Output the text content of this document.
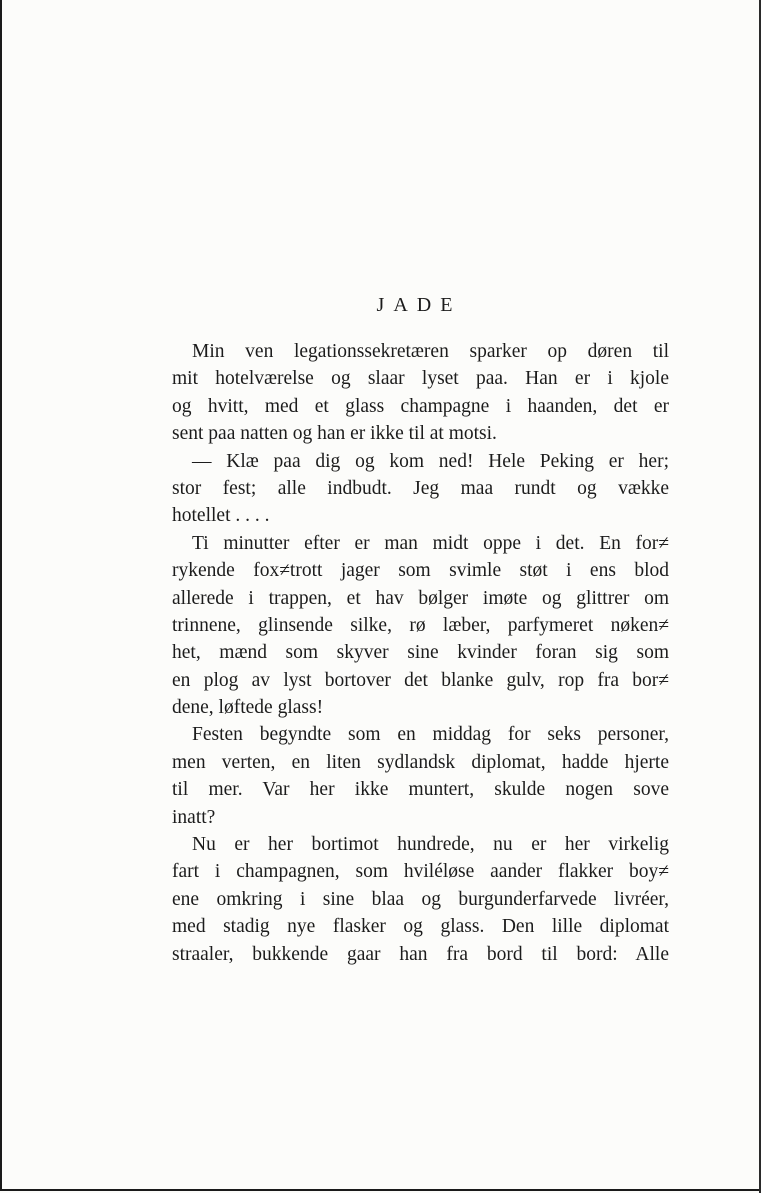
JADE
Min ven legationssekretæren sparker op døren til
mit hotelværelse og slaar lyset paa. Han er i kjole
og hvitt, med et glass champagne i haanden, det er
sent paa natten og han er ikke til at motsi.
— Klæ paa dig og kom ned! Hele Peking er her;
stor fest; alle indbudt. Jeg maa rundt og vække
hotellet . . . .
Ti minutter efter er man midt oppe i det. En for≠
rykende fox≠trott jager som svimle støt i ens blod
allerede i trappen, et hav bølger imøte og glittrer om
trinnene, glinsende silke, rø læber, parfymeret nøken≠
het, mænd som skyver sine kvinder foran sig som
en plog av lyst bortover det blanke gulv, rop fra bor≠
dene, løftede glass!
Festen begyndte som en middag for seks personer,
men verten, en liten sydlandsk diplomat, hadde hjerte
til mer. Var her ikke muntert, skulde nogen sove
inatt?
Nu er her bortimot hundrede, nu er her virkelig
fart i champagnen, som hviléløse aander flakker boy≠
ene omkring i sine blaa og burgunderfarvede livréer,
med stadig nye flasker og glass. Den lille diplomat
straaler, bukkende gaar han fra bord til bord: Alle
